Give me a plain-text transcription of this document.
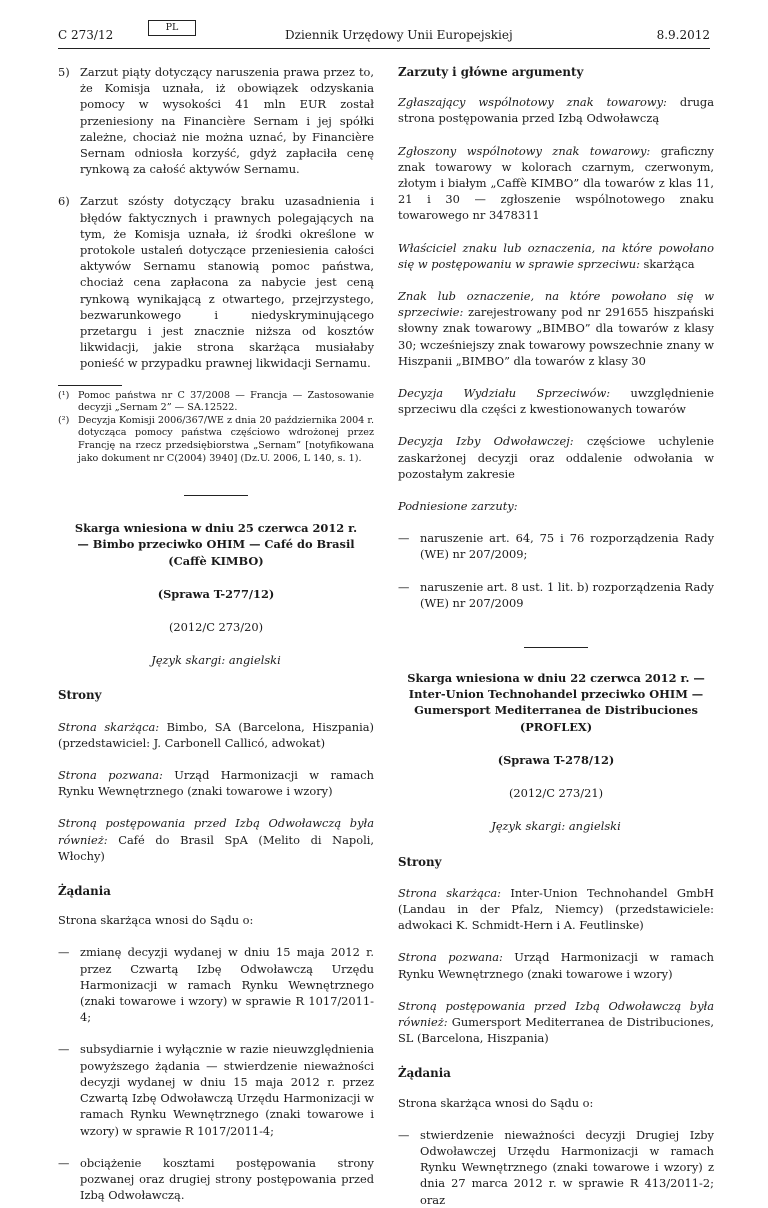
C 273/12
PL
Dziennik Urzędowy Unii Europejskiej	8.9.2012
5) Zarzut piąty dotyczący naruszenia prawa przez to, że Komisja uznała, iż obowiązek odzyskania pomocy w wysokości 41 mln EUR został przeniesiony na Financière Sernam i jej spółki zależne, chociaż nie można uznać, by Financière Sernam odniosła korzyść, gdyż zapłaciła cenę rynkową za całość aktywów Sernamu.
6) Zarzut szósty dotyczący braku uzasadnienia i błędów faktycznych i prawnych polegających na tym, że Komisja uznała, iż środki określone w protokole ustaleń dotyczące przeniesienia całości aktywów Sernamu stanowią pomoc państwa, chociaż cena zapłacona za nabycie jest ceną rynkową wynikającą z otwartego, przejrzystego, bezwarunkowego i niedyskryminującego przetargu i jest znacznie niższa od kosztów likwidacji, jakie strona skarżąca musiałaby ponieść w przypadku prawnej likwidacji Sernamu.
(¹) Pomoc państwa nr C 37/2008 — Francja — Zastosowanie decyzji „Sernam 2” — SA.12522.
(²) Decyzja Komisji 2006/367/WE z dnia 20 października 2004 r. dotycząca pomocy państwa częściowo wdrożonej przez Francję na rzecz przedsiębiorstwa „Sernam” [notyfikowana jako dokument nr C(2004) 3940] (Dz.U. 2006, L 140, s. 1).

Skarga wniesiona w dniu 25 czerwca 2012 r. — Bimbo przeciwko OHIM — Café do Brasil (Caffè KIMBO)

(Sprawa T-277/12)

(2012/C 273/20)

Język skargi: angielski

Strony

Strona skarżąca: Bimbo, SA (Barcelona, Hiszpania) (przedstawiciel: J. Carbonell Callicó, adwokat)

Strona pozwana: Urząd Harmonizacji w ramach Rynku Wewnętrznego (znaki towarowe i wzory)

Stroną postępowania przed Izbą Odwoławczą była również: Café do Brasil SpA (Melito di Napoli, Włochy)

Żądania

Strona skarżąca wnosi do Sądu o:

— zmianę decyzji wydanej w dniu 15 maja 2012 r. przez Czwartą Izbę Odwoławczą Urzędu Harmonizacji w ramach Rynku Wewnętrznego (znaki towarowe i wzory) w sprawie R 1017/2011-4;
— subsydiarnie i wyłącznie w razie nieuwzględnienia powyższego żądania — stwierdzenie nieważności decyzji wydanej w dniu 15 maja 2012 r. przez Czwartą Izbę Odwoławczą Urzędu Harmonizacji w ramach Rynku Wewnętrznego (znaki towarowe i wzory) w sprawie R 1017/2011-4;
— obciążenie kosztami postępowania strony pozwanej oraz drugiej strony postępowania przed Izbą Odwoławczą.

Zarzuty i główne argumenty

Zgłaszający wspólnotowy znak towarowy: druga strona postępowania przed Izbą Odwoławczą

Zgłoszony wspólnotowy znak towarowy: graficzny znak towarowy w kolorach czarnym, czerwonym, złotym i białym „Caffè KIMBO” dla towarów z klas 11, 21 i 30 — zgłoszenie wspólnotowego znaku towarowego nr 3478311

Właściciel znaku lub oznaczenia, na które powołano się w postępowaniu w sprawie sprzeciwu: skarżąca

Znak lub oznaczenie, na które powołano się w sprzeciwie: zarejestrowany pod nr 291655 hiszpański słowny znak towarowy „BIMBO” dla towarów z klasy 30; wcześniejszy znak towarowy powszechnie znany w Hiszpanii „BIMBO” dla towarów z klasy 30

Decyzja Wydziału Sprzeciwów: uwzględnienie sprzeciwu dla części z kwestionowanych towarów

Decyzja Izby Odwoławczej: częściowe uchylenie zaskarżonej decyzji oraz oddalenie odwołania w pozostałym zakresie

Podniesione zarzuty:

— naruszenie art. 64, 75 i 76 rozporządzenia Rady (WE) nr 207/2009;
— naruszenie art. 8 ust. 1 lit. b) rozporządzenia Rady (WE) nr 207/2009

Skarga wniesiona w dniu 22 czerwca 2012 r. — Inter-Union Technohandel przeciwko OHIM — Gumersport Mediterranea de Distribuciones (PROFLEX)

(Sprawa T-278/12)

(2012/C 273/21)

Język skargi: angielski

Strony

Strona skarżąca: Inter-Union Technohandel GmbH (Landau in der Pfalz, Niemcy) (przedstawiciele: adwokaci K. Schmidt-Hern i A. Feutlinske)

Strona pozwana: Urząd Harmonizacji w ramach Rynku Wewnętrznego (znaki towarowe i wzory)

Stroną postępowania przed Izbą Odwoławczą była również: Gumersport Mediterranea de Distribuciones, SL (Barcelona, Hiszpania)

Żądania

Strona skarżąca wnosi do Sądu o:

— stwierdzenie nieważności decyzji Drugiej Izby Odwoławczej Urzędu Harmonizacji w ramach Rynku Wewnętrznego (znaki towarowe i wzory) z dnia 27 marca 2012 r. w sprawie R 413/2011-2; oraz
